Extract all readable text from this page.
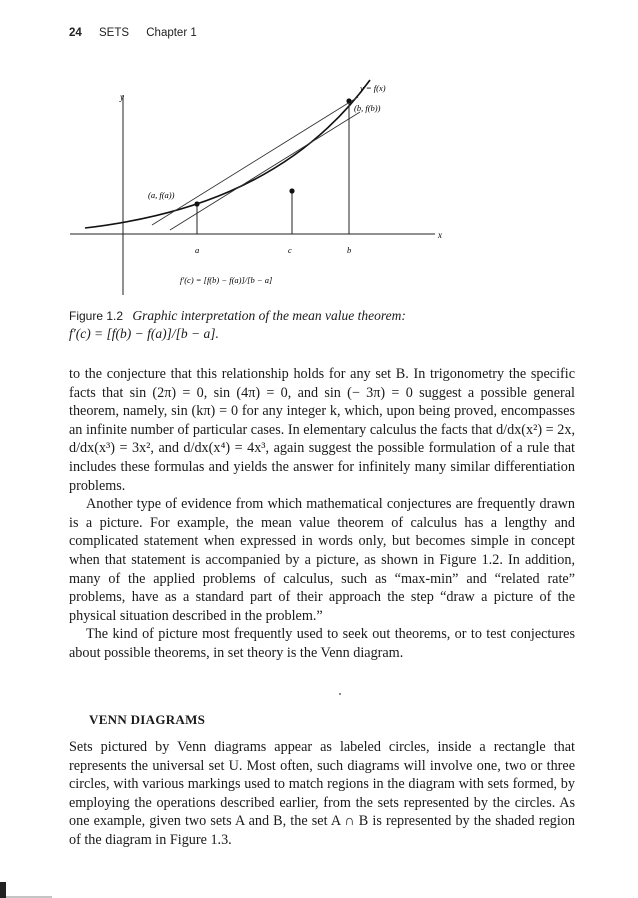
24 SETS Chapter 1
y
x
y = f(x)
(b, f(b))
(a, f(a))
a	c	b
f′(c) = [f(b) − f(a)]/[b − a]
Figure 1.2 Graphic interpretation of the mean value theorem:
f′(c) = [f(b) − f(a)]/[b − a].

to the conjecture that this relationship holds for any set B. In trigonometry the specific facts that sin (2π) = 0, sin (4π) = 0, and sin (− 3π) = 0 suggest a possible general theorem, namely, sin (kπ) = 0 for any integer k, which, upon being proved, encompasses an infinite number of particular cases. In elementary calculus the facts that d/dx(x²) = 2x, d/dx(x³) = 3x², and d/dx(x⁴) = 4x³, again suggest the possible formulation of a rule that includes these formulas and yields the answer for infinitely many similar differentiation problems.

Another type of evidence from which mathematical conjectures are frequently drawn is a picture. For example, the mean value theorem of calculus has a lengthy and complicated statement when expressed in words only, but becomes simple in concept when that statement is accompanied by a picture, as shown in Figure 1.2. In addition, many of the applied problems of calculus, such as “max-min” and “related rate” problems, have as a standard part of their approach the step “draw a picture of the physical situation described in the problem.”

The kind of picture most frequently used to seek out theorems, or to test conjectures about possible theorems, in set theory is the Venn diagram.

VENN DIAGRAMS

Sets pictured by Venn diagrams appear as labeled circles, inside a rectangle that represents the universal set U. Most often, such diagrams will involve one, two or three circles, with various markings used to match regions in the diagram with sets formed, by employing the operations described earlier, from the sets represented by the circles. As one example, given two sets A and B, the set A ∩ B is represented by the shaded region of the diagram in Figure 1.3.
